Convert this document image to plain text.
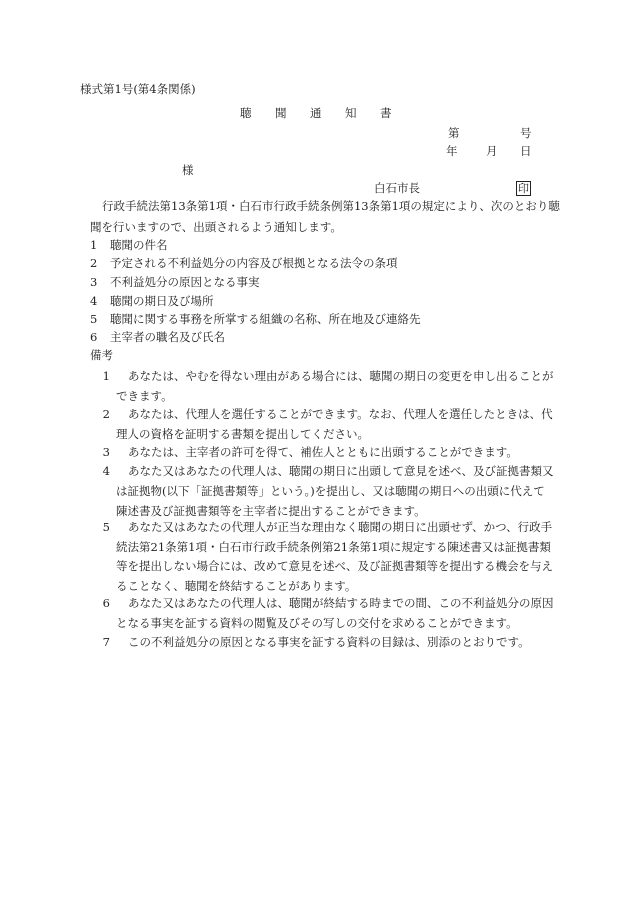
様式第1号(第4条関係)
聴 聞 通 知 書
第	号
年 月 日
様
白石市長	印
行政手続法第13条第1項・白石市行政手続条例第13条第1項の規定により、次のとおり聴聞を行いますので、出頭されるよう通知します。
1 聴聞の件名
2 予定される不利益処分の内容及び根拠となる法令の条項
3 不利益処分の原因となる事実
4 聴聞の期日及び場所
5 聴聞に関する事務を所掌する組織の名称、所在地及び連絡先
6 主宰者の職名及び氏名
備考
1	あなたは、やむを得ない理由がある場合には、聴聞の期日の変更を申し出ることができます。
2	あなたは、代理人を選任することができます。なお、代理人を選任したときは、代理人の資格を証明する書類を提出してください。
3	あなたは、主宰者の許可を得て、補佐人とともに出頭することができます。
4	あなた又はあなたの代理人は、聴聞の期日に出頭して意見を述べ、及び証拠書類又は証拠物(以下「証拠書類等」という。)を提出し、又は聴聞の期日への出頭に代えて陳述書及び証拠書類等を主宰者に提出することができます。
5	あなた又はあなたの代理人が正当な理由なく聴聞の期日に出頭せず、かつ、行政手続法第21条第1項・白石市行政手続条例第21条第1項に規定する陳述書又は証拠書類等を提出しない場合には、改めて意見を述べ、及び証拠書類等を提出する機会を与えることなく、聴聞を終結することがあります。
6	あなた又はあなたの代理人は、聴聞が終結する時までの間、この不利益処分の原因となる事実を証する資料の閲覧及びその写しの交付を求めることができます。
7	この不利益処分の原因となる事実を証する資料の目録は、別添のとおりです。
